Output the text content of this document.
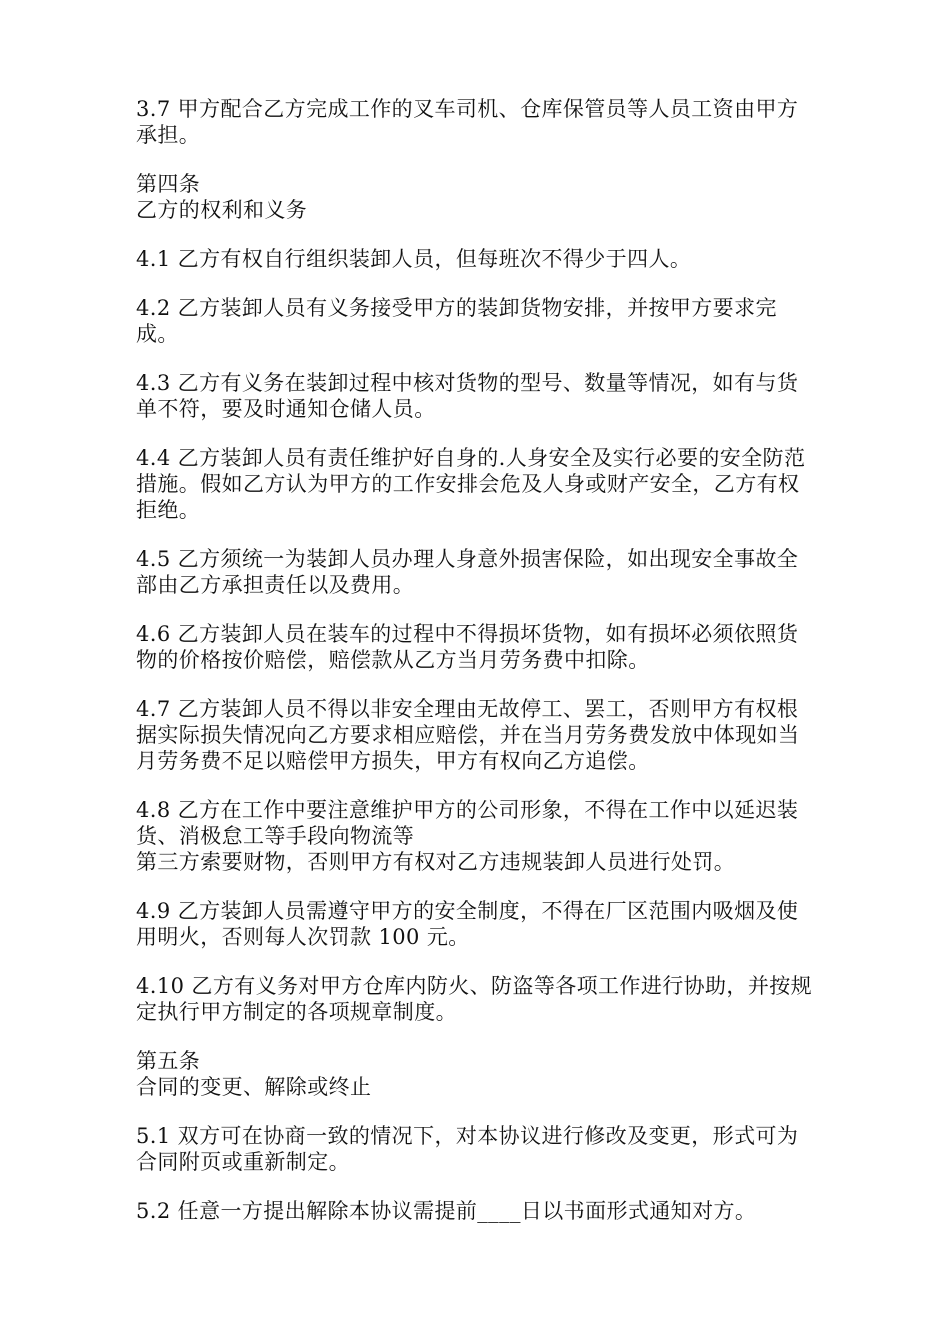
3.7 甲方配合乙方完成工作的叉车司机、仓库保管员等人员工资由甲方承担。

第四条
乙方的权利和义务

4.1 乙方有权自行组织装卸人员，但每班次不得少于四人。

4.2 乙方装卸人员有义务接受甲方的装卸货物安排，并按甲方要求完成。

4.3 乙方有义务在装卸过程中核对货物的型号、数量等情况，如有与货单不符，要及时通知仓储人员。

4.4 乙方装卸人员有责任维护好自身的.人身安全及实行必要的安全防范措施。假如乙方认为甲方的工作安排会危及人身或财产安全，乙方有权拒绝。

4.5 乙方须统一为装卸人员办理人身意外损害保险，如出现安全事故全部由乙方承担责任以及费用。

4.6 乙方装卸人员在装车的过程中不得损坏货物，如有损坏必须依照货物的价格按价赔偿，赔偿款从乙方当月劳务费中扣除。

4.7 乙方装卸人员不得以非安全理由无故停工、罢工，否则甲方有权根据实际损失情况向乙方要求相应赔偿，并在当月劳务费发放中体现如当月劳务费不足以赔偿甲方损失，甲方有权向乙方追偿。

4.8 乙方在工作中要注意维护甲方的公司形象，不得在工作中以延迟装货、消极怠工等手段向物流等
第三方索要财物，否则甲方有权对乙方违规装卸人员进行处罚。

4.9 乙方装卸人员需遵守甲方的安全制度，不得在厂区范围内吸烟及使用明火，否则每人次罚款 100 元。

4.10 乙方有义务对甲方仓库内防火、防盗等各项工作进行协助，并按规定执行甲方制定的各项规章制度。

第五条
合同的变更、解除或终止

5.1 双方可在协商一致的情况下，对本协议进行修改及变更，形式可为合同附页或重新制定。

5.2 任意一方提出解除本协议需提前____日以书面形式通知对方。
